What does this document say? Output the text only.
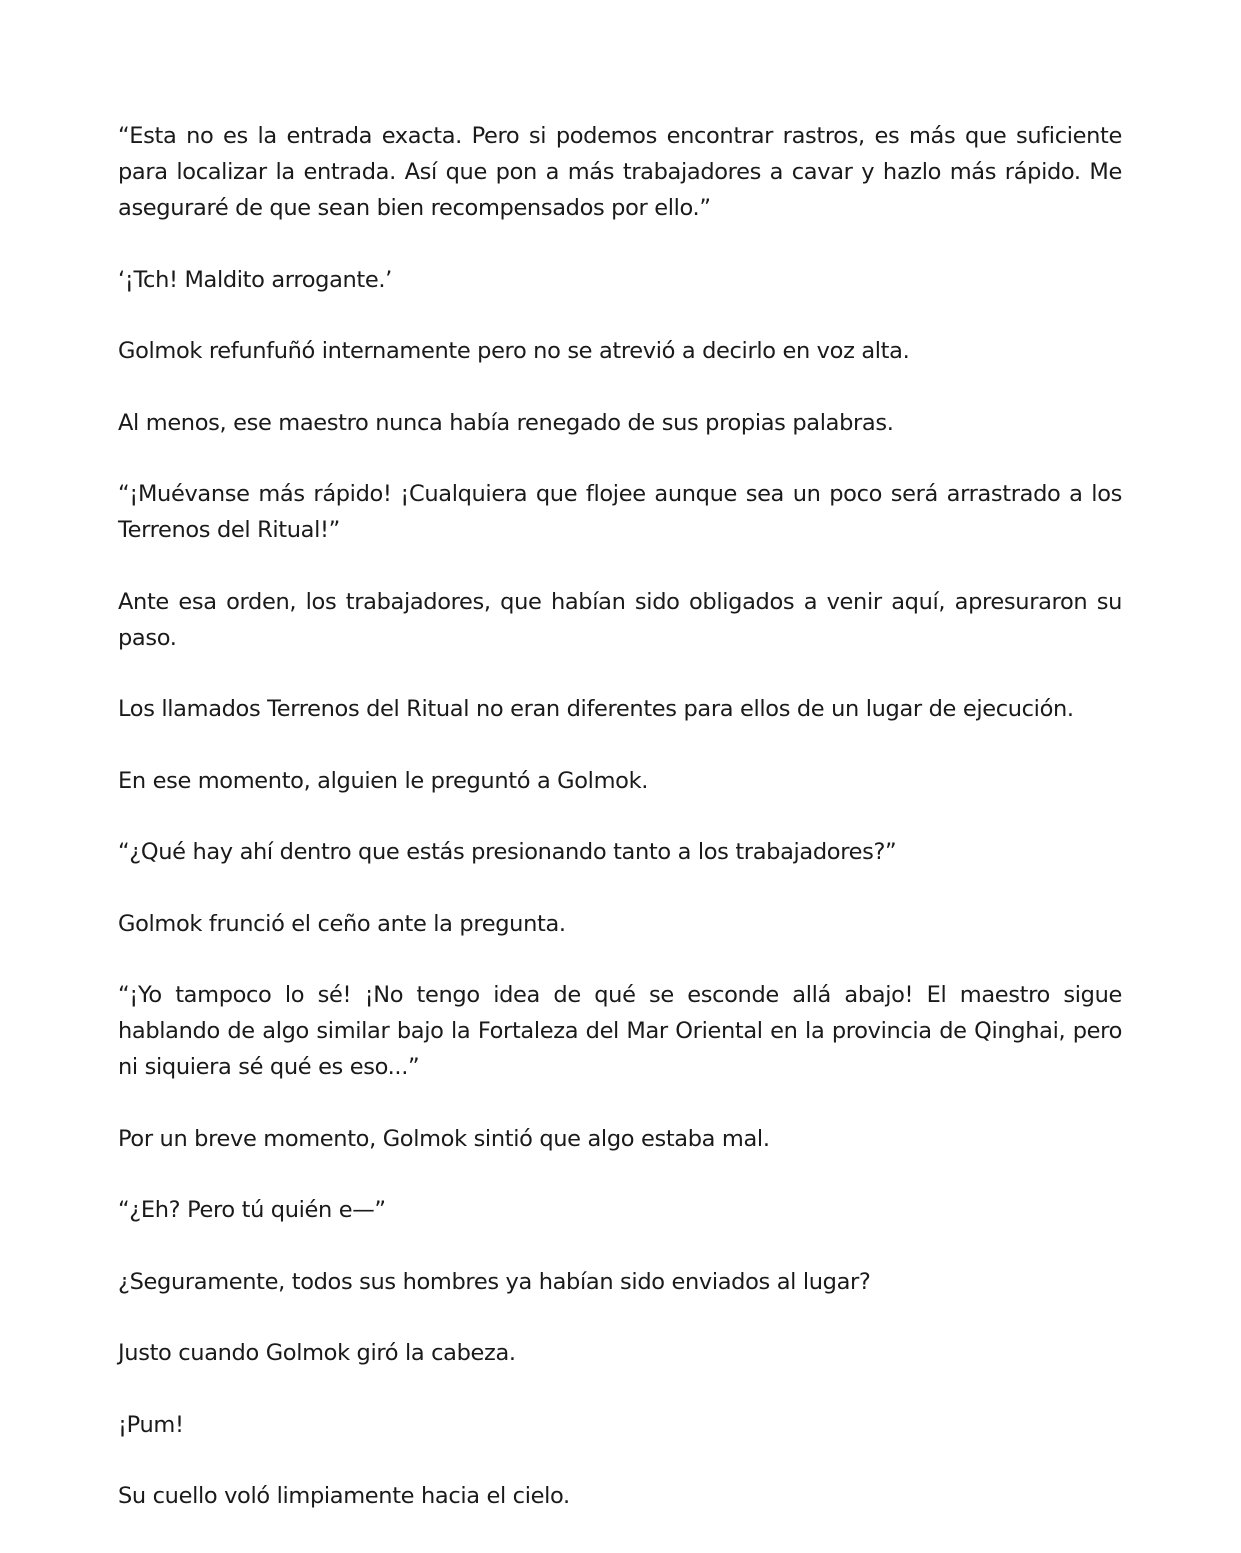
“Esta no es la entrada exacta. Pero si podemos encontrar rastros, es más que suficiente para localizar la entrada. Así que pon a más trabajadores a cavar y hazlo más rápido. Me aseguraré de que sean bien recompensados por ello.”

‘¡Tch! Maldito arrogante.’

Golmok refunfuñó internamente pero no se atrevió a decirlo en voz alta.

Al menos, ese maestro nunca había renegado de sus propias palabras.

“¡Muévanse más rápido! ¡Cualquiera que flojee aunque sea un poco será arrastrado a los Terrenos del Ritual!”

Ante esa orden, los trabajadores, que habían sido obligados a venir aquí, apresuraron su paso.

Los llamados Terrenos del Ritual no eran diferentes para ellos de un lugar de ejecución.

En ese momento, alguien le preguntó a Golmok.

“¿Qué hay ahí dentro que estás presionando tanto a los trabajadores?”

Golmok frunció el ceño ante la pregunta.

“¡Yo tampoco lo sé! ¡No tengo idea de qué se esconde allá abajo! El maestro sigue hablando de algo similar bajo la Fortaleza del Mar Oriental en la provincia de Qinghai, pero ni siquiera sé qué es eso...”

Por un breve momento, Golmok sintió que algo estaba mal.

“¿Eh? Pero tú quién e—”

¿Seguramente, todos sus hombres ya habían sido enviados al lugar?

Justo cuando Golmok giró la cabeza.

¡Pum!

Su cuello voló limpiamente hacia el cielo.
